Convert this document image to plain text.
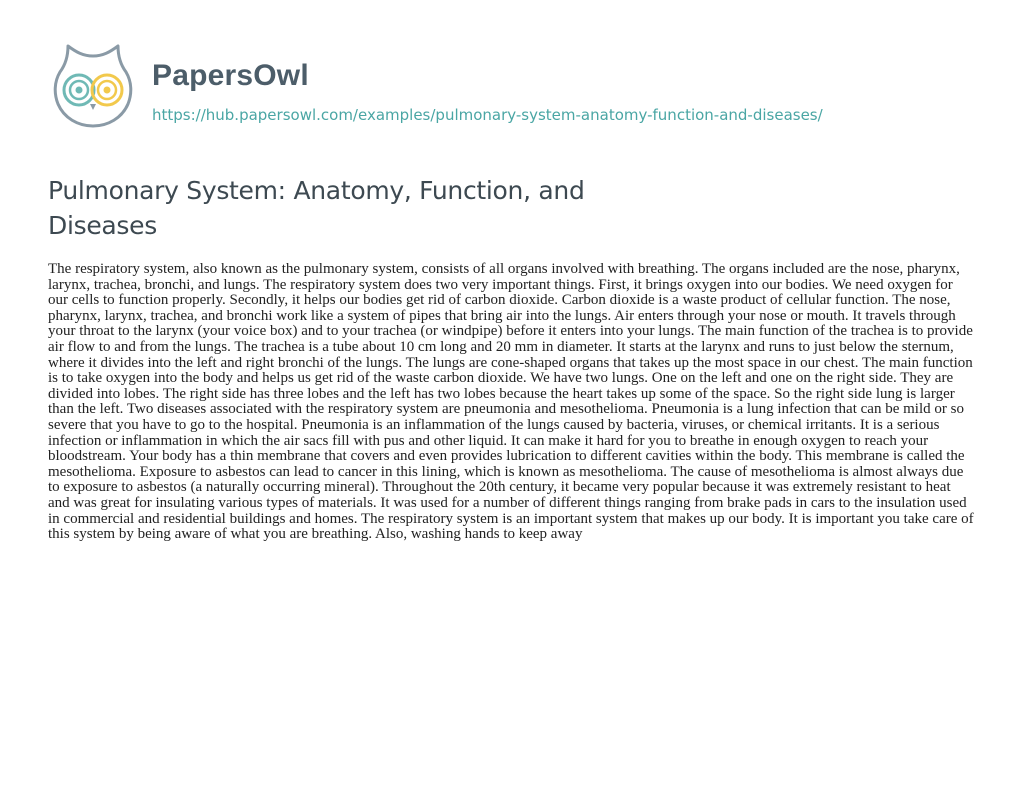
PapersOwl
https://hub.papersowl.com/examples/pulmonary-system-anatomy-function-and-diseases/
Pulmonary System: Anatomy, Function, and Diseases

The respiratory system, also known as the pulmonary system, consists of all organs involved with breathing. The organs included are the nose, pharynx, larynx, trachea, bronchi, and lungs. The respiratory system does two very important things. First, it brings oxygen into our bodies. We need oxygen for our cells to function properly. Secondly, it helps our bodies get rid of carbon dioxide. Carbon dioxide is a waste product of cellular function. The nose, pharynx, larynx, trachea, and bronchi work like a system of pipes that bring air into the lungs. Air enters through your nose or mouth. It travels through your throat to the larynx (your voice box) and to your trachea (or windpipe) before it enters into your lungs. The main function of the trachea is to provide air flow to and from the lungs. The trachea is a tube about 10 cm long and 20 mm in diameter. It starts at the larynx and runs to just below the sternum, where it divides into the left and right bronchi of the lungs. The lungs are cone-shaped organs that takes up the most space in our chest. The main function is to take oxygen into the body and helps us get rid of the waste carbon dioxide. We have two lungs. One on the left and one on the right side. They are divided into lobes. The right side has three lobes and the left has two lobes because the heart takes up some of the space. So the right side lung is larger than the left. Two diseases associated with the respiratory system are pneumonia and mesothelioma. Pneumonia is a lung infection that can be mild or so severe that you have to go to the hospital. Pneumonia is an inflammation of the lungs caused by bacteria, viruses, or chemical irritants. It is a serious infection or inflammation in which the air sacs fill with pus and other liquid. It can make it hard for you to breathe in enough oxygen to reach your bloodstream. Your body has a thin membrane that covers and even provides lubrication to different cavities within the body. This membrane is called the mesothelioma. Exposure to asbestos can lead to cancer in this lining, which is known as mesothelioma. The cause of mesothelioma is almost always due to exposure to asbestos (a naturally occurring mineral). Throughout the 20th century, it became very popular because it was extremely resistant to heat and was great for insulating various types of materials. It was used for a number of different things ranging from brake pads in cars to the insulation used in commercial and residential buildings and homes. The respiratory system is an important system that makes up our body. It is important you take care of this system by being aware of what you are breathing. Also, washing hands to keep away
